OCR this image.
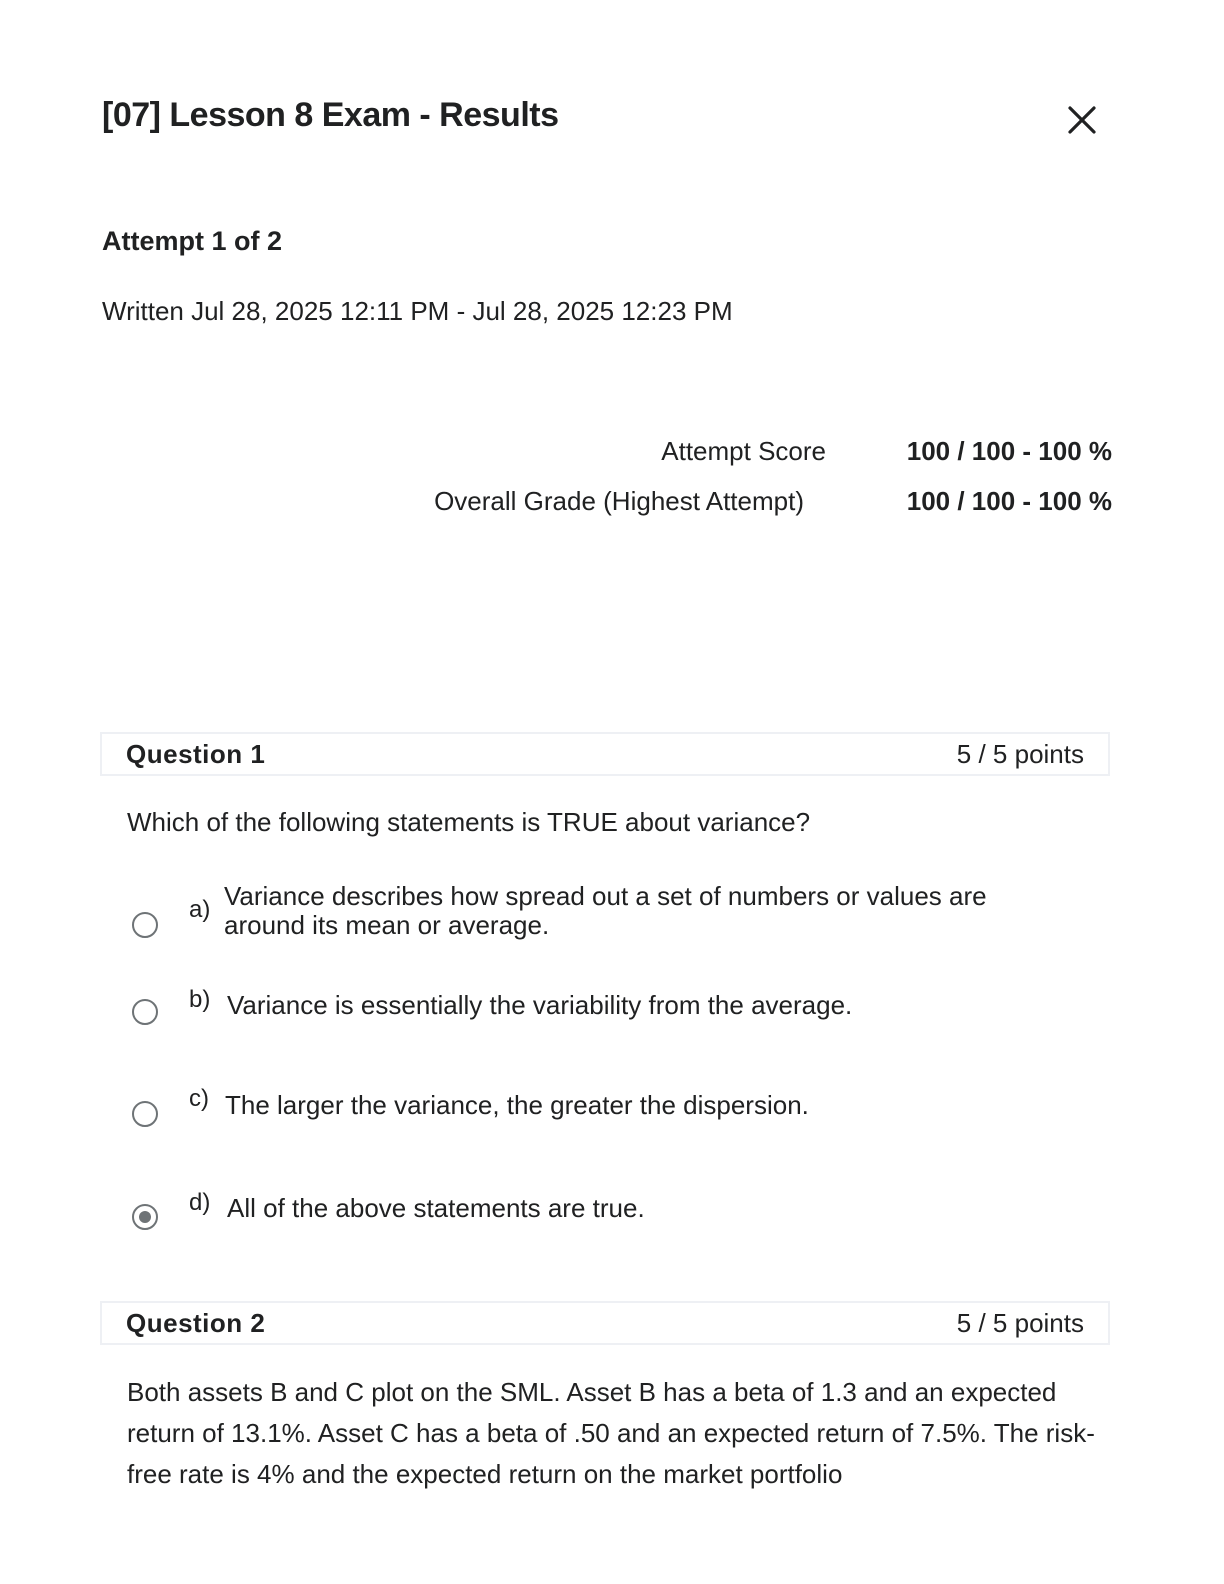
[07] Lesson 8 Exam - Results
Attempt 1 of 2
Written Jul 28, 2025 12:11 PM - Jul 28, 2025 12:23 PM
Attempt Score	100 / 100 - 100 %
Overall Grade (Highest Attempt)	100 / 100 - 100 %
Question 1	5 / 5 points

Which of the following statements is TRUE about variance?

a) Variance describes how spread out a set of numbers or values are around its mean or average.
b) Variance is essentially the variability from the average.
c) The larger the variance, the greater the dispersion.
d) All of the above statements are true.
Question 2	5 / 5 points

Both assets B and C plot on the SML. Asset B has a beta of 1.3 and an expected return of 13.1%. Asset C has a beta of .50 and an expected return of 7.5%. The risk-free rate is 4% and the expected return on the market portfolio
